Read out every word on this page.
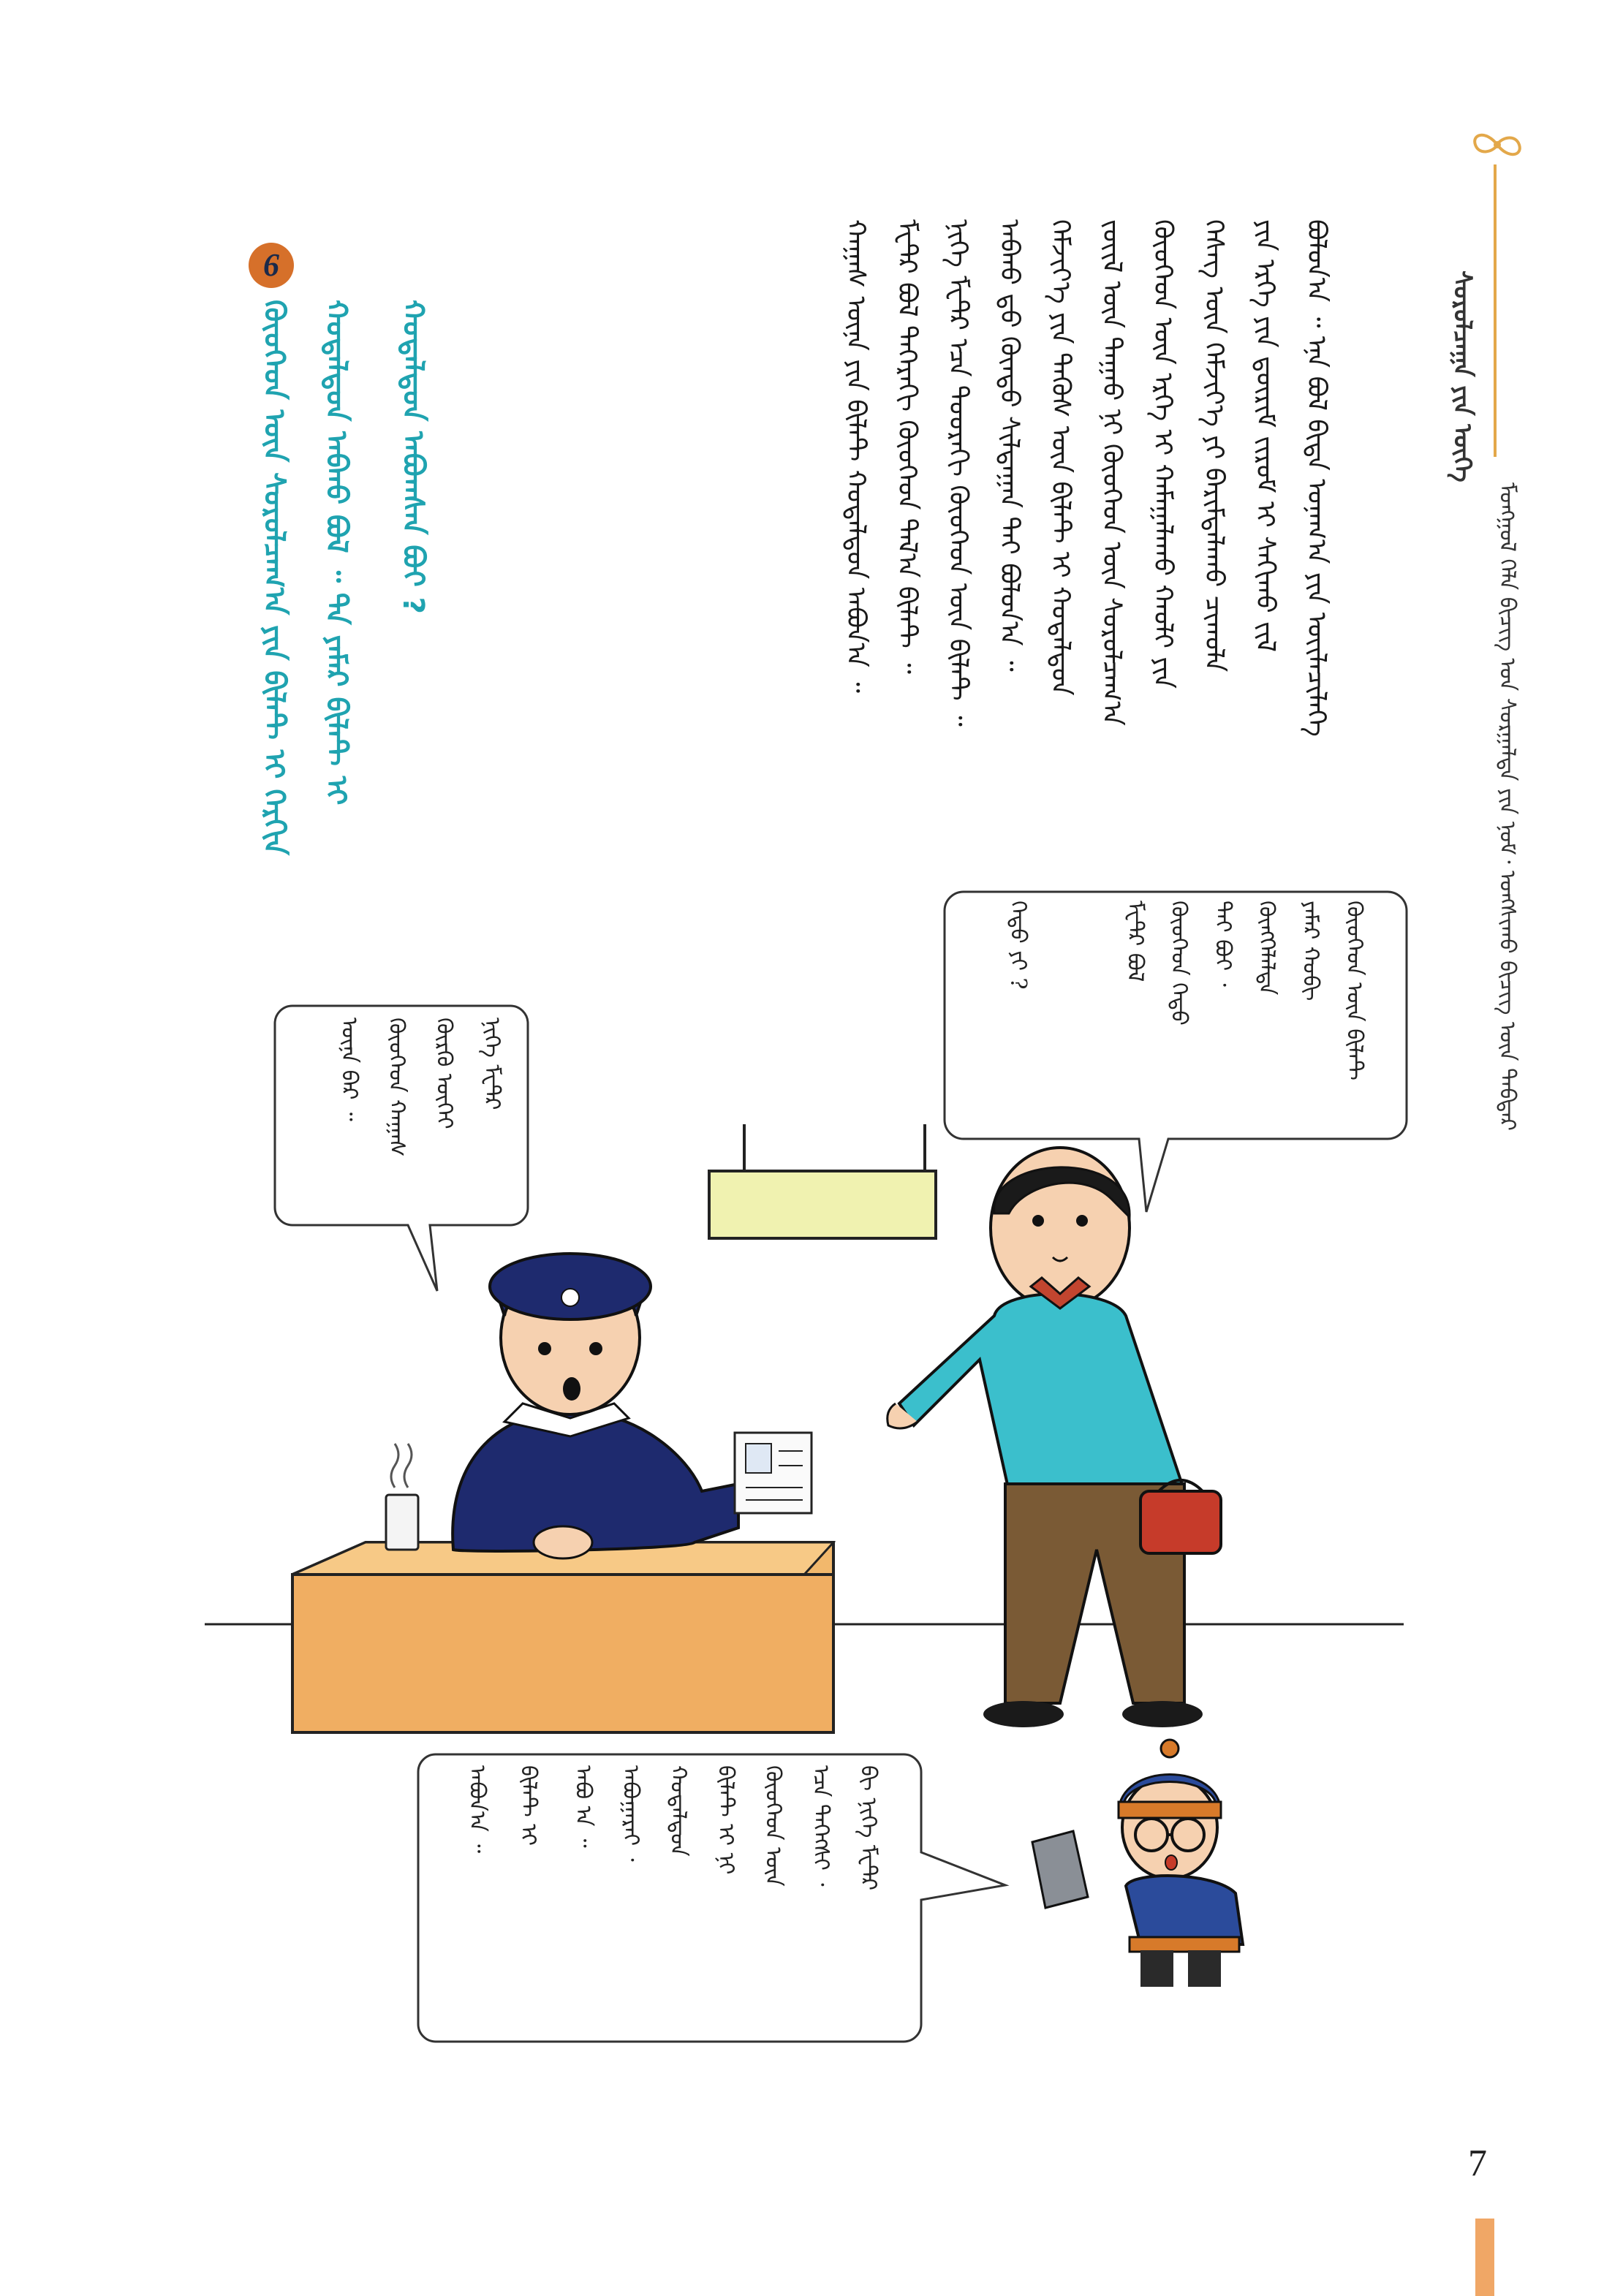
ᠰᠤᠷᠤᠯᠴᠠᠭᠠ ᠶᠢᠨ ᠦᠭᠡ
ᠮᠤᠩᠭᠤᠯ ᠬᠡᠯᠡ ᠪᠢᠴᠢᠭ᠌ ᠤᠨ ᠰᠤᠷᠭᠠᠯᠲᠠ ᠶᠢᠨ ᠨᠣᠮ᠂ ᠤᠩᠰᠢᠬᠤ ᠪᠢᠴᠢᠭ᠌ ᠦᠨ ᠳᠡᠪᠲᠡᠷ
ᠪᠣᠯᠤᠨ᠎ᠠ ᠃ ᠡᠨᠡ ᠪᠣᠯ ᠪᠢᠳᠡ ᠤᠨᠠᠭ᠎ᠠ ᠶᠢᠨ ᠦᠢᠯᠡᠴᠢᠯᠡᠭᠡ
ᠶᠢᠨ ᠡᠷᠬᠡ ᠶᠢᠨ ᠳ᠋ᠦᠷᠢᠮ ᠵᠢᠷᠤᠮ ᠢ ᠰᠠᠬᠢᠬᠤ ᠵᠢᠯ
ᠬᠡᠰᠡᠭ ᠦᠨ ᠬᠡᠮᠵᠢᠶ᠎ᠡ ᠶᠢ ᠪᠠᠷᠢᠮᠲᠠᠯᠠᠬᠤ ᠴᠢᠬᠤᠯᠠ
ᠬᠦᠦᠬᠡᠳ ᠦᠨ ᠡᠷᠬᠡ ᠢ ᠬᠠᠮᠠᠭᠠᠯᠠᠬᠤ ᠬᠠᠤᠯᠢ ᠶᠢᠨ
ᠵᠦᠢᠯ ᠦᠨ ᠳᠠᠭᠠᠤ ᠨᠢ ᠬᠦᠦᠬᠡᠳ ᠦᠨ ᠰᠤᠷᠤᠯᠴᠠᠭ᠎ᠠ
ᠬᠡᠮᠵᠢᠶ᠎ᠡ ᠶᠢᠨ ᠲᠡᠭᠦᠰ ᠦᠨ ᠪᠢᠯᠡᠲ ᠢ ᠬᠤᠳᠠᠯᠳᠤᠨ
ᠠᠪᠬᠤ ᠳ᠋ᠤ ᠬᠦᠨᠳᠦ ᠰᠢᠯᠲᠠᠭᠠᠨ ᠲᠠᠢ ᠪᠣᠯᠤᠨ᠎ᠠ ᠃
ᠨᠢᠭᠡ ᠮᠧᠲ᠋ᠷ ᠡᠴᠡ ᠳᠣᠣᠷᠠᠬᠢ ᠬᠦᠦᠬᠡᠳ ᠦᠨ ᠪᠢᠯᠡᠲ ᠃
ᠮᠧᠲ᠋ᠷ ᠪᠣᠯ ᠳᠡᠭᠡᠷᠡᠬᠢ ᠬᠦᠦᠬᠡᠳ ᠲᠠᠯ᠎ᠠ ᠪᠢᠯᠡᠲ ᠃
ᠬᠠᠭᠠᠰ ᠦᠨᠡ ᠶᠢᠨ ᠪᠢᠯᠡᠲ ᠬᠤᠳᠠᠯᠳᠤᠨ ᠠᠪᠤᠨ᠎ᠠ ᠃
6
ᠬᠦᠦᠬᠡᠳ ᠦᠨ ᠰᠤᠷᠤᠯᠴᠠᠭ᠎ᠠ ᠶᠢᠨ ᠪᠢᠯᠡᠲ ᠢ ᠬᠡᠷᠬᠢᠨ ᠬᠤᠳᠠᠯᠳᠤᠨ ᠠᠪᠬᠤ ᠪᠣᠯ ᠃ ᠲᠠ ᠶᠠᠮᠠᠷ ᠪᠢᠯᠡᠲ ᠢ	ᠬᠤᠳᠠᠯᠳᠤᠨ ᠠᠪᠤᠭᠰᠠᠨ ᠪᠤᠢ ?
ᠬᠦᠦᠬᠡᠳ ᠦᠨ ᠪᠢᠯᠡᠲ
ᠶᠠᠮᠠᠷ ᠬᠤᠪᠢ
ᠬᠥᠩᠭᠡᠯᠡᠯᠲᠡ
ᠲᠠᠢ ᠪᠤᠢ ᠂
ᠬᠦᠦᠬᠡᠳ ᠬᠡᠳᠦ
ᠮᠧᠲ᠋ᠷ ᠪᠣᠯ
ᠬᠡᠳᠦ ᠶᠢ ?
ᠨᠢᠭᠡ ᠮᠧᠲ᠋ᠷ
ᠬᠦᠷᠬᠦ ᠦᠭᠡᠢ
ᠬᠦᠦᠬᠡᠳ ᠬᠠᠭᠠᠰ
ᠦᠨᠡ ᠪᠡᠷ ᠃
ᠪᠢ ᠨᠢᠭᠡ ᠮᠧᠲ᠋ᠷ
ᠡᠴᠡ ᠳᠡᠭᠡᠭᠰᠢ ᠂
ᠬᠦᠦᠬᠡᠳ ᠦᠨ
ᠪᠢᠯᠡᠲ ᠢ ᠨᠢ
ᠬᠤᠳᠠᠯᠳᠤᠨ
ᠠᠪᠤᠭᠠᠷᠠᠢ ᠂
ᠠᠪᠤ ᠠ ᠃
ᠪᠢᠯᠡᠲ ᠢ
ᠠᠪᠤᠨ᠎ᠠ ᠃
7
